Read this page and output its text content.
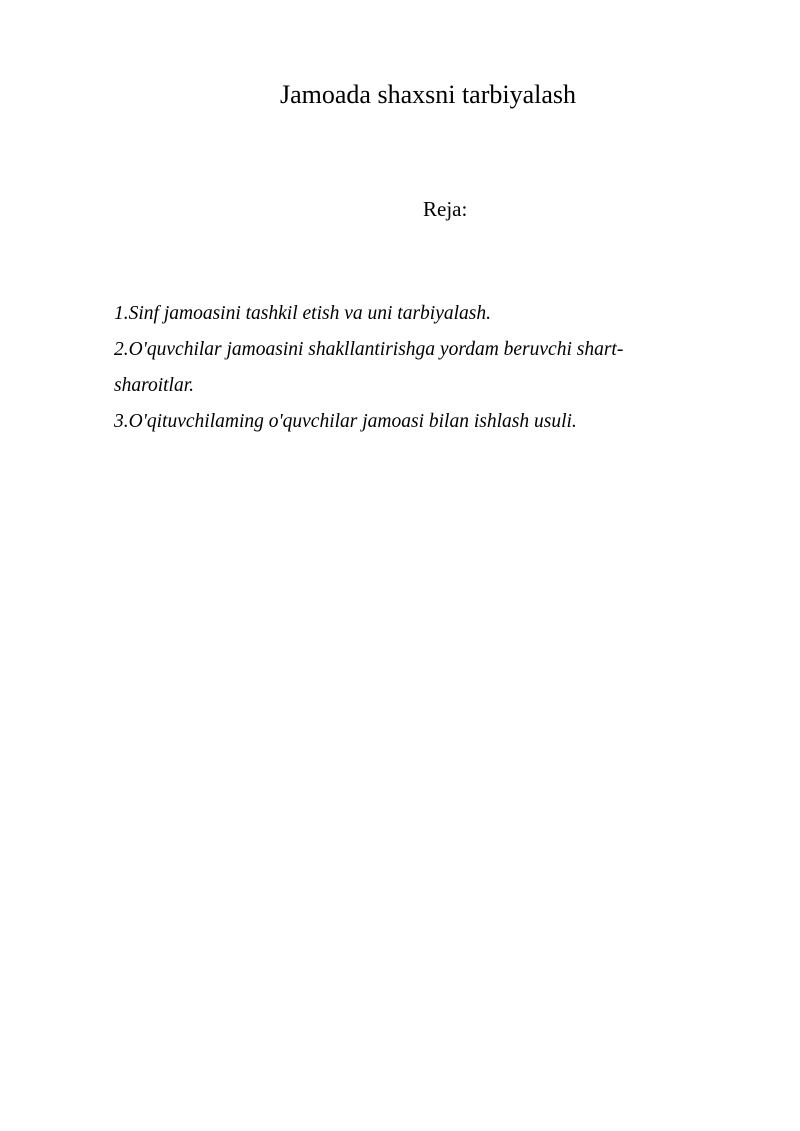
Jamoada shaxsni tarbiyalash
Reja:
1.Sinf jamoasini tashkil etish va uni tarbiyalash.
2.O'quvchilar jamoasini shakllantirishga yordam beruvchi shart-sharoitlar.
3.O'qituvchilaming o'quvchilar jamoasi bilan ishlash usuli.
